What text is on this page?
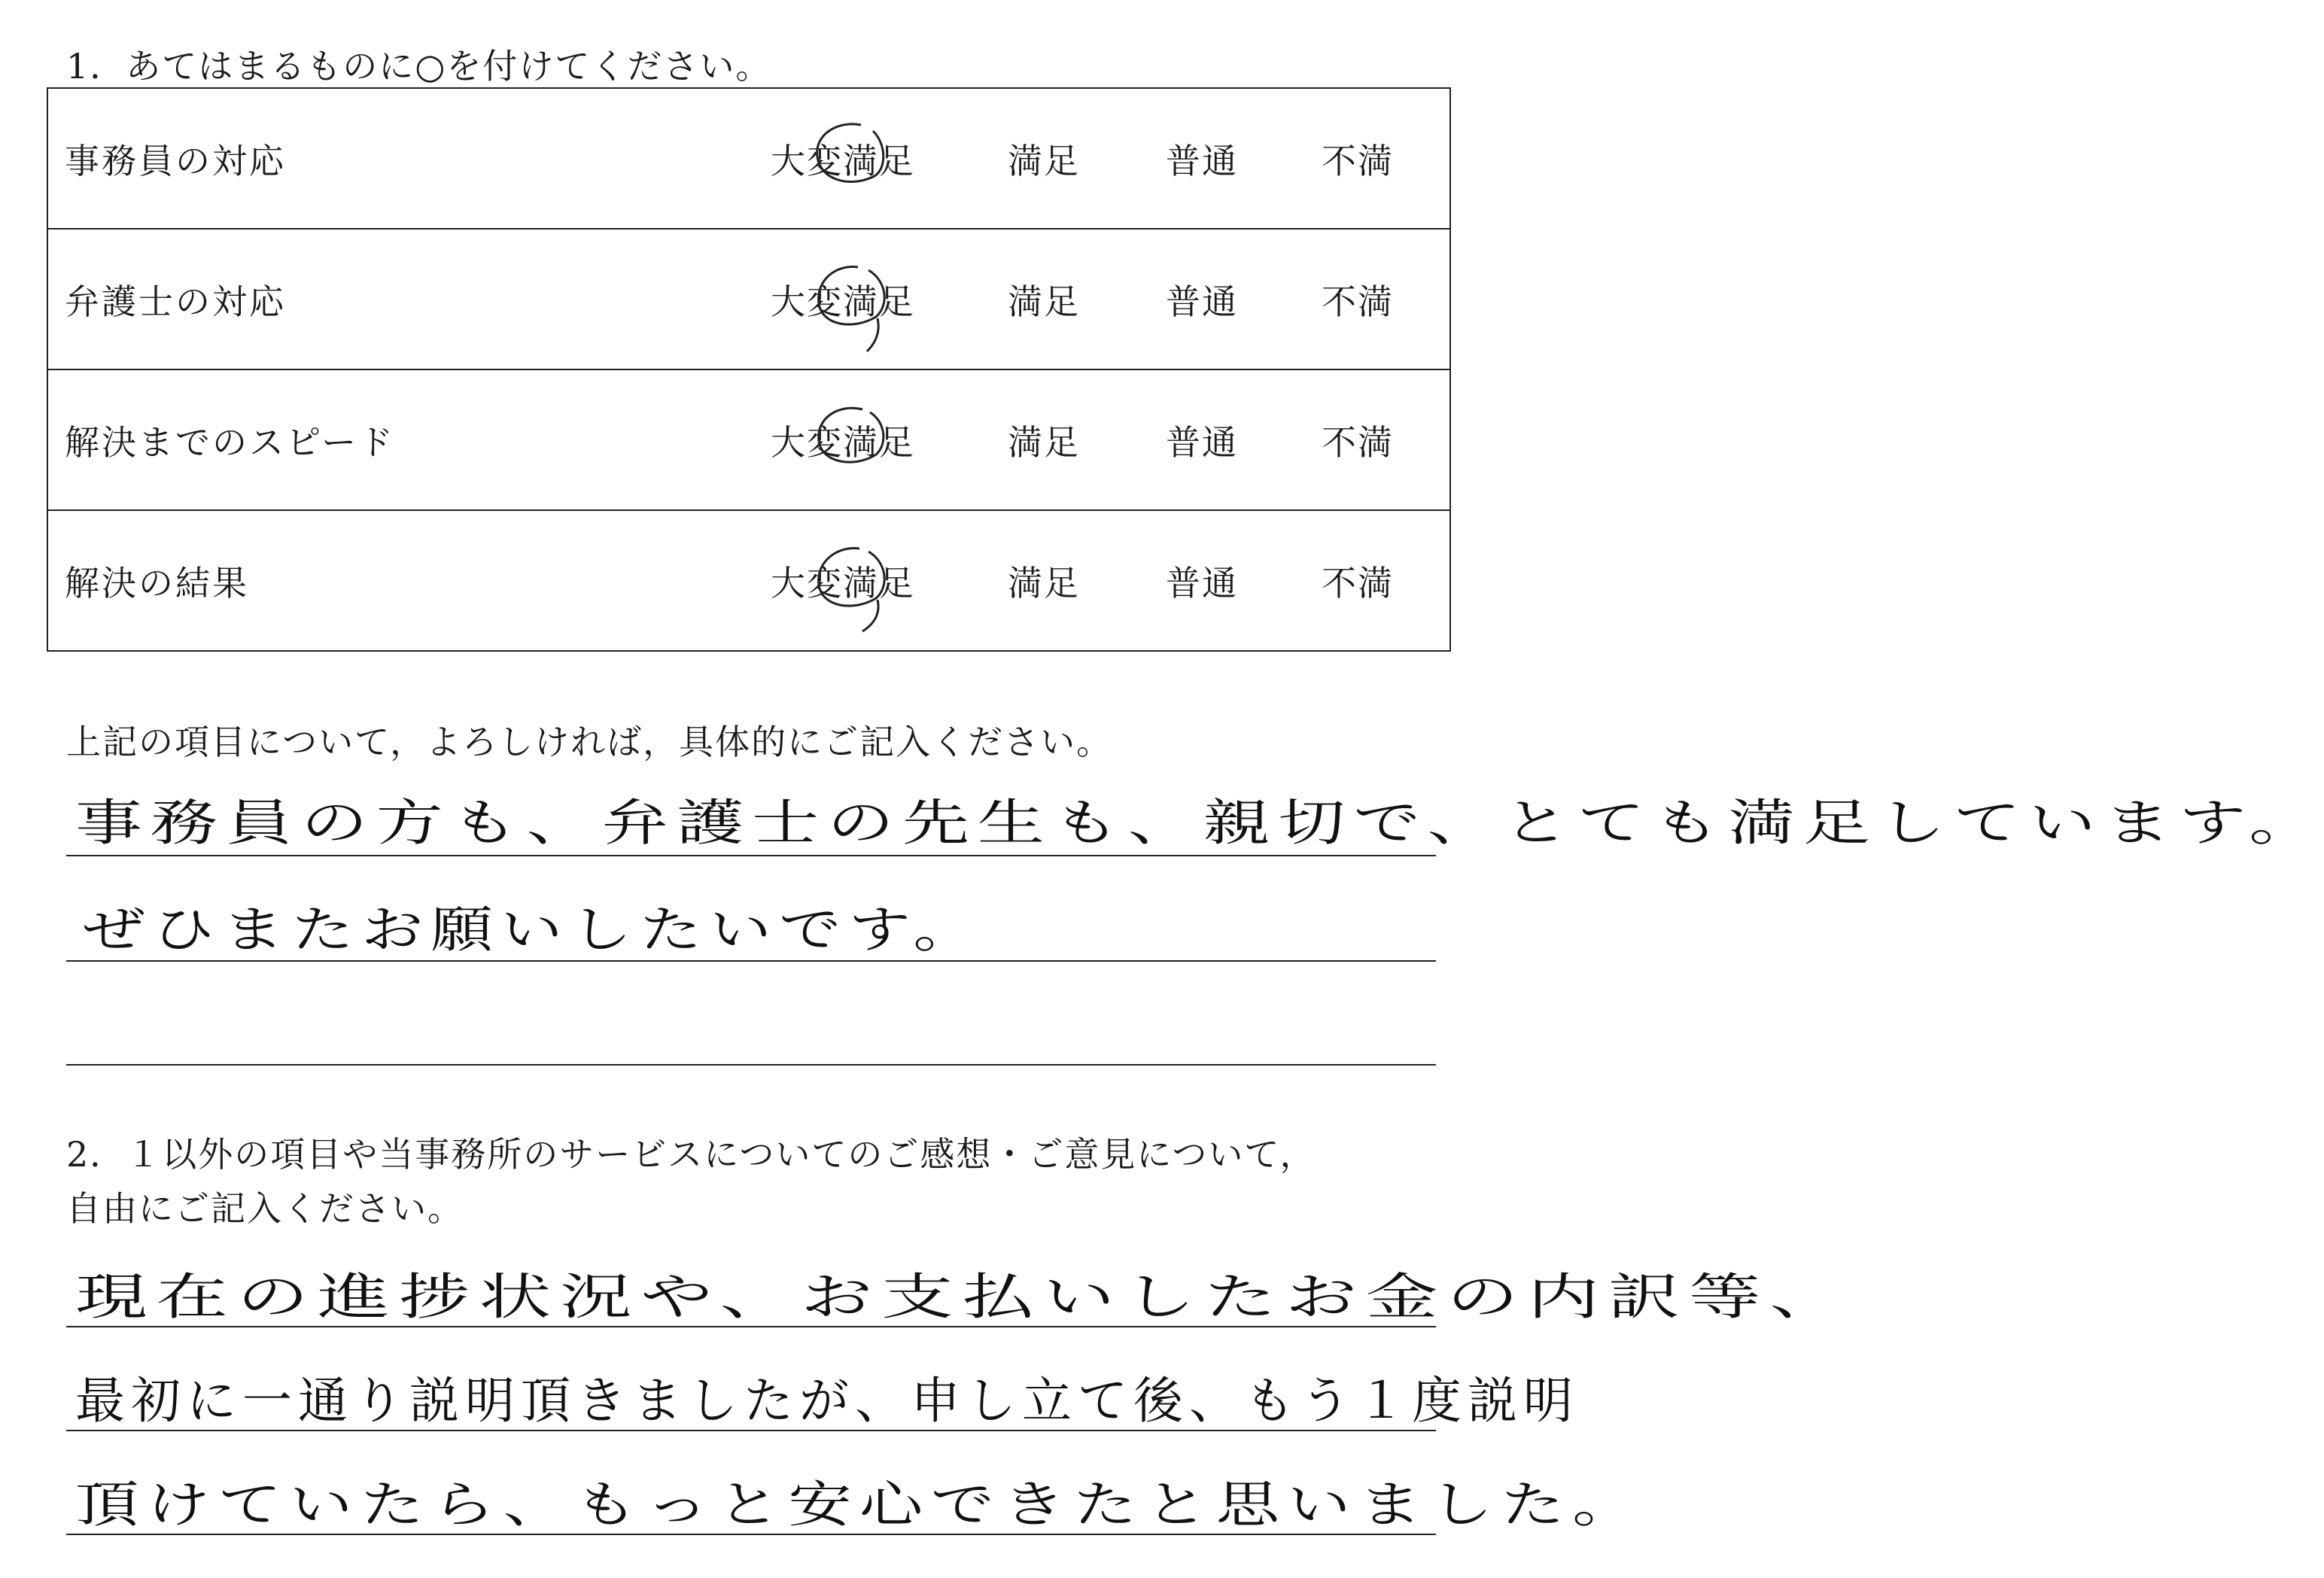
1．あてはまるものに○を付けてください。
事務員の対応	大変満足	満足 普通 不満
弁護士の対応	大変満足	満足 普通 不満
解決までのスピード	大変満足	満足 普通 不満
解決の結果	大変満足	満足 普通 不満
上記の項目について，よろしければ，具体的にご記入ください。
事務員の方も、弁護士の先生も、親切で、とても満足しています。
ぜひまたお願いしたいです。
2．１以外の項目や当事務所のサービスについてのご感想・ご意見について，
自由にご記入ください。
現在の進捗状況や、お支払いしたお金の内訳等、
最初に一通り説明頂きましたが、申し立て後、もう１度説明
頂けていたら、もっと安心できたと思いました。
